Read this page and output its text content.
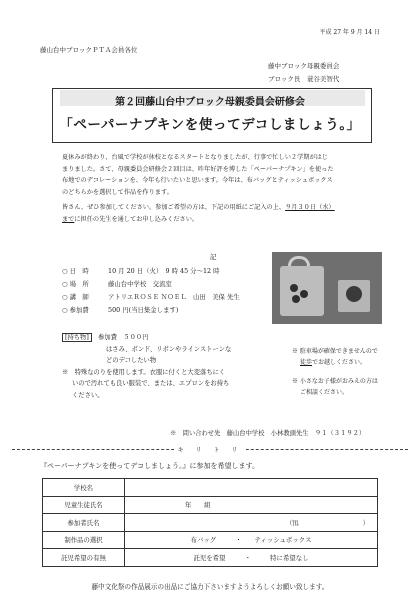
平成 27 年 9 月 14 日
藤山台中ブロックＰＴＡ会員各位
藤中ブロック母親委員会
ブロック長　蓑谷美智代
第２回藤山台中ブロック母親委員会研修会
「ペーパーナプキンを使ってデコしましょう。」
夏休みが終わり、台風で学校が休校となるスタートとなりましたが、行事で忙しい２学期がはじ
まりました。さて、母親委員会研修会２回目は、昨年好評を博した「ペーパーナプキン」を使った
布地でのデコレーションを、今年も行いたいと思います。今年は、布バッグとティッシュボックス
のどちらかを選択して作品を作ります。
皆さん、ぜひ参加してください。参加ご希望の方は、下記の用紙にご記入の上、９月３０日（水）
までに担任の先生を通してお申し込みください。
記
○ 日　時	10 月 20 日（火）　9 時 45 分～12 時
○ 場　所	藤山台中学校　交流室
○ 講　師	アトリエＲＯＳＥ ＮＯＥＬ　山田　美保 先生
○ 参加費	500 円(当日集金します)
[持ち物]　 参加費　５００円
はさみ、ボンド、リボンやラインストーンな
どのデコしたい物
※　特殊なのりを使用します。衣服に付くと大変落ちにく
いので汚れても良い服装で、または、エプロンをお持ち
ください。
※ 駐車場が確保できませんので
徒歩でお越しください。
※ 小さなお子様がおみえの方は
ご相談ください。
※　問い合わせ先　藤山台中学校　小林教頭先生　９１（３１９２）
キ リ ト リ
『ペーパーナプキンを使ってデコしましょう。』に参加を希望します。
学校名	
児童生徒氏名	年　　組
参加者氏名	（℡　　　　　　　　　　）
制作品の選択	布バッグ　　　・　　ティッシュボックス
託児希望の有無	託児を希望　　　・　　　特に希望なし
藤中文化祭の作品展示の出品にご協力下さいますようよろしくお願い致します。
